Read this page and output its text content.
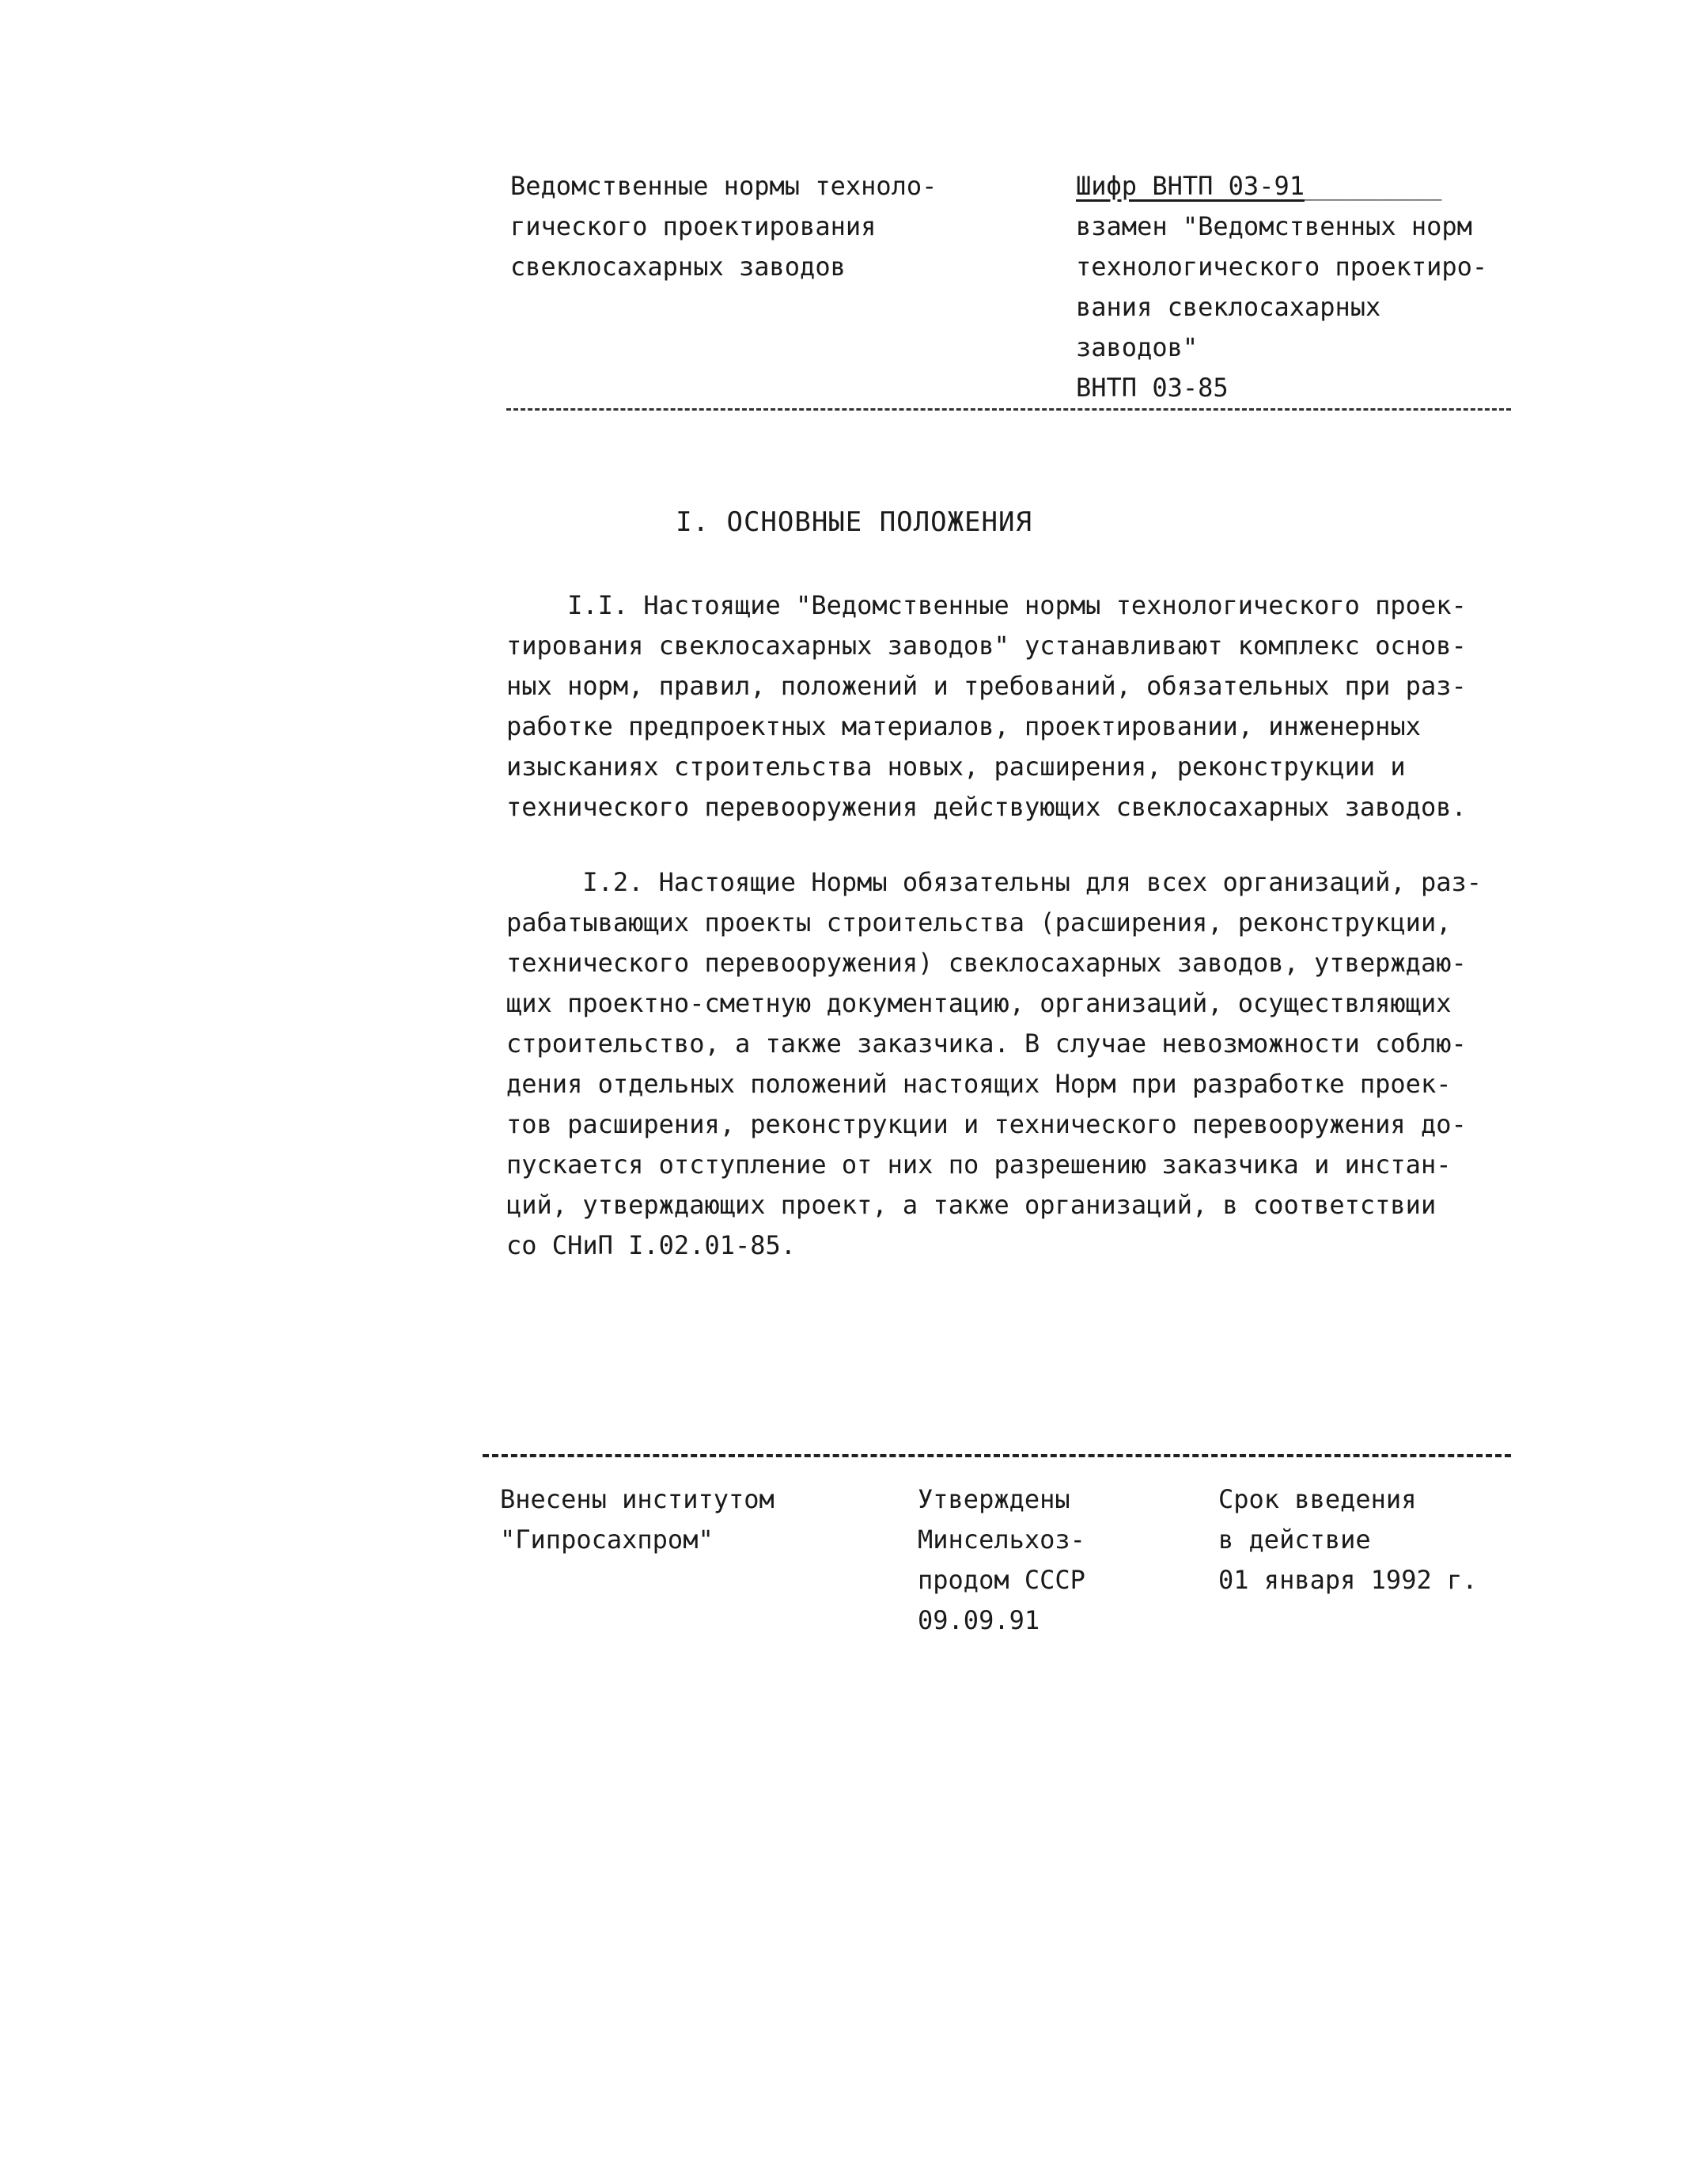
Ведомственные нормы техноло-
гического проектирования
свеклосахарных заводов
Шифр ВНТП 03-91_________
взамен "Ведомственных норм
технологического проектиро-
вания свеклосахарных
заводов"
ВНТП 03-85
I. ОСНОВНЫЕ ПОЛОЖЕНИЯ
I.I. Настоящие "Ведомственные нормы технологического проек-
тирования свеклосахарных заводов" устанавливают комплекс основ-
ных норм, правил, положений и требований, обязательных при раз-
работке предпроектных материалов, проектировании, инженерных
изысканиях строительства новых, расширения, реконструкции и
технического перевооружения действующих свеклосахарных заводов.
I.2. Настоящие Нормы обязательны для всех организаций, раз-
рабатывающих проекты строительства (расширения, реконструкции,
технического перевооружения) свеклосахарных заводов, утверждаю-
щих проектно-сметную документацию, организаций, осуществляющих
строительство, а также заказчика. В случае невозможности соблю-
дения отдельных положений настоящих Норм при разработке проек-
тов расширения, реконструкции и технического перевооружения до-
пускается отступление от них по разрешению заказчика и инстан-
ций, утверждающих проект, а также организаций, в соответствии
со СНиП I.02.01-85.
Внесены институтом
"Гипросахпром"
Утверждены
Минсельхоз-
продом СССР
09.09.91
Срок введения
в действие
01 января 1992 г.
